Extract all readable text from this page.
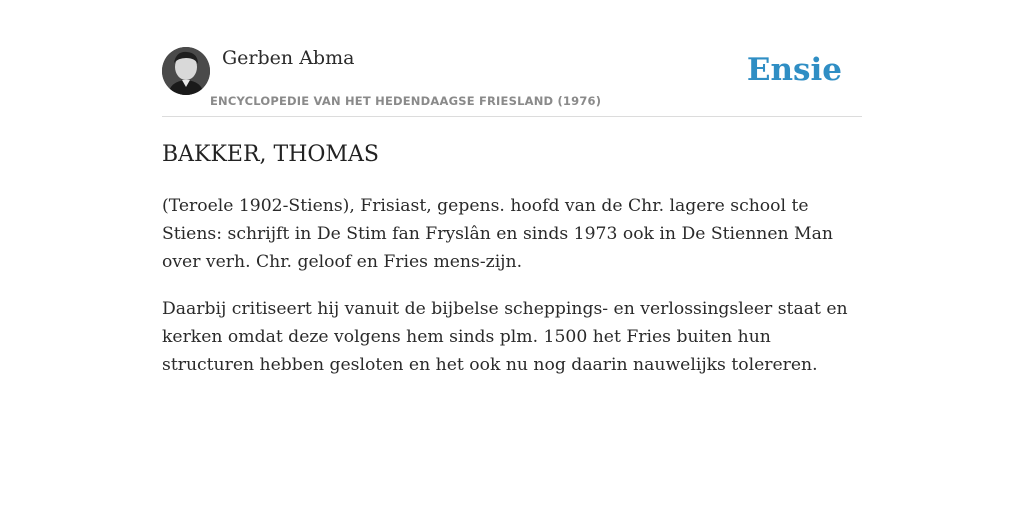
Gerben Abma
ENCYCLOPEDIE VAN HET HEDENDAAGSE FRIESLAND (1976)
Ensie
BAKKER, THOMAS

(Teroele 1902-Stiens), Frisiast, gepens. hoofd van de Chr. lagere school te Stiens: schrijft in De Stim fan Fryslân en sinds 1973 ook in De Stiennen Man over verh. Chr. geloof en Fries mens-zijn.

Daarbij critiseert hij vanuit de bijbelse scheppings- en verlossingsleer staat en kerken omdat deze volgens hem sinds plm. 1500 het Fries buiten hun structuren hebben gesloten en het ook nu nog daarin nauwelijks tolereren.
